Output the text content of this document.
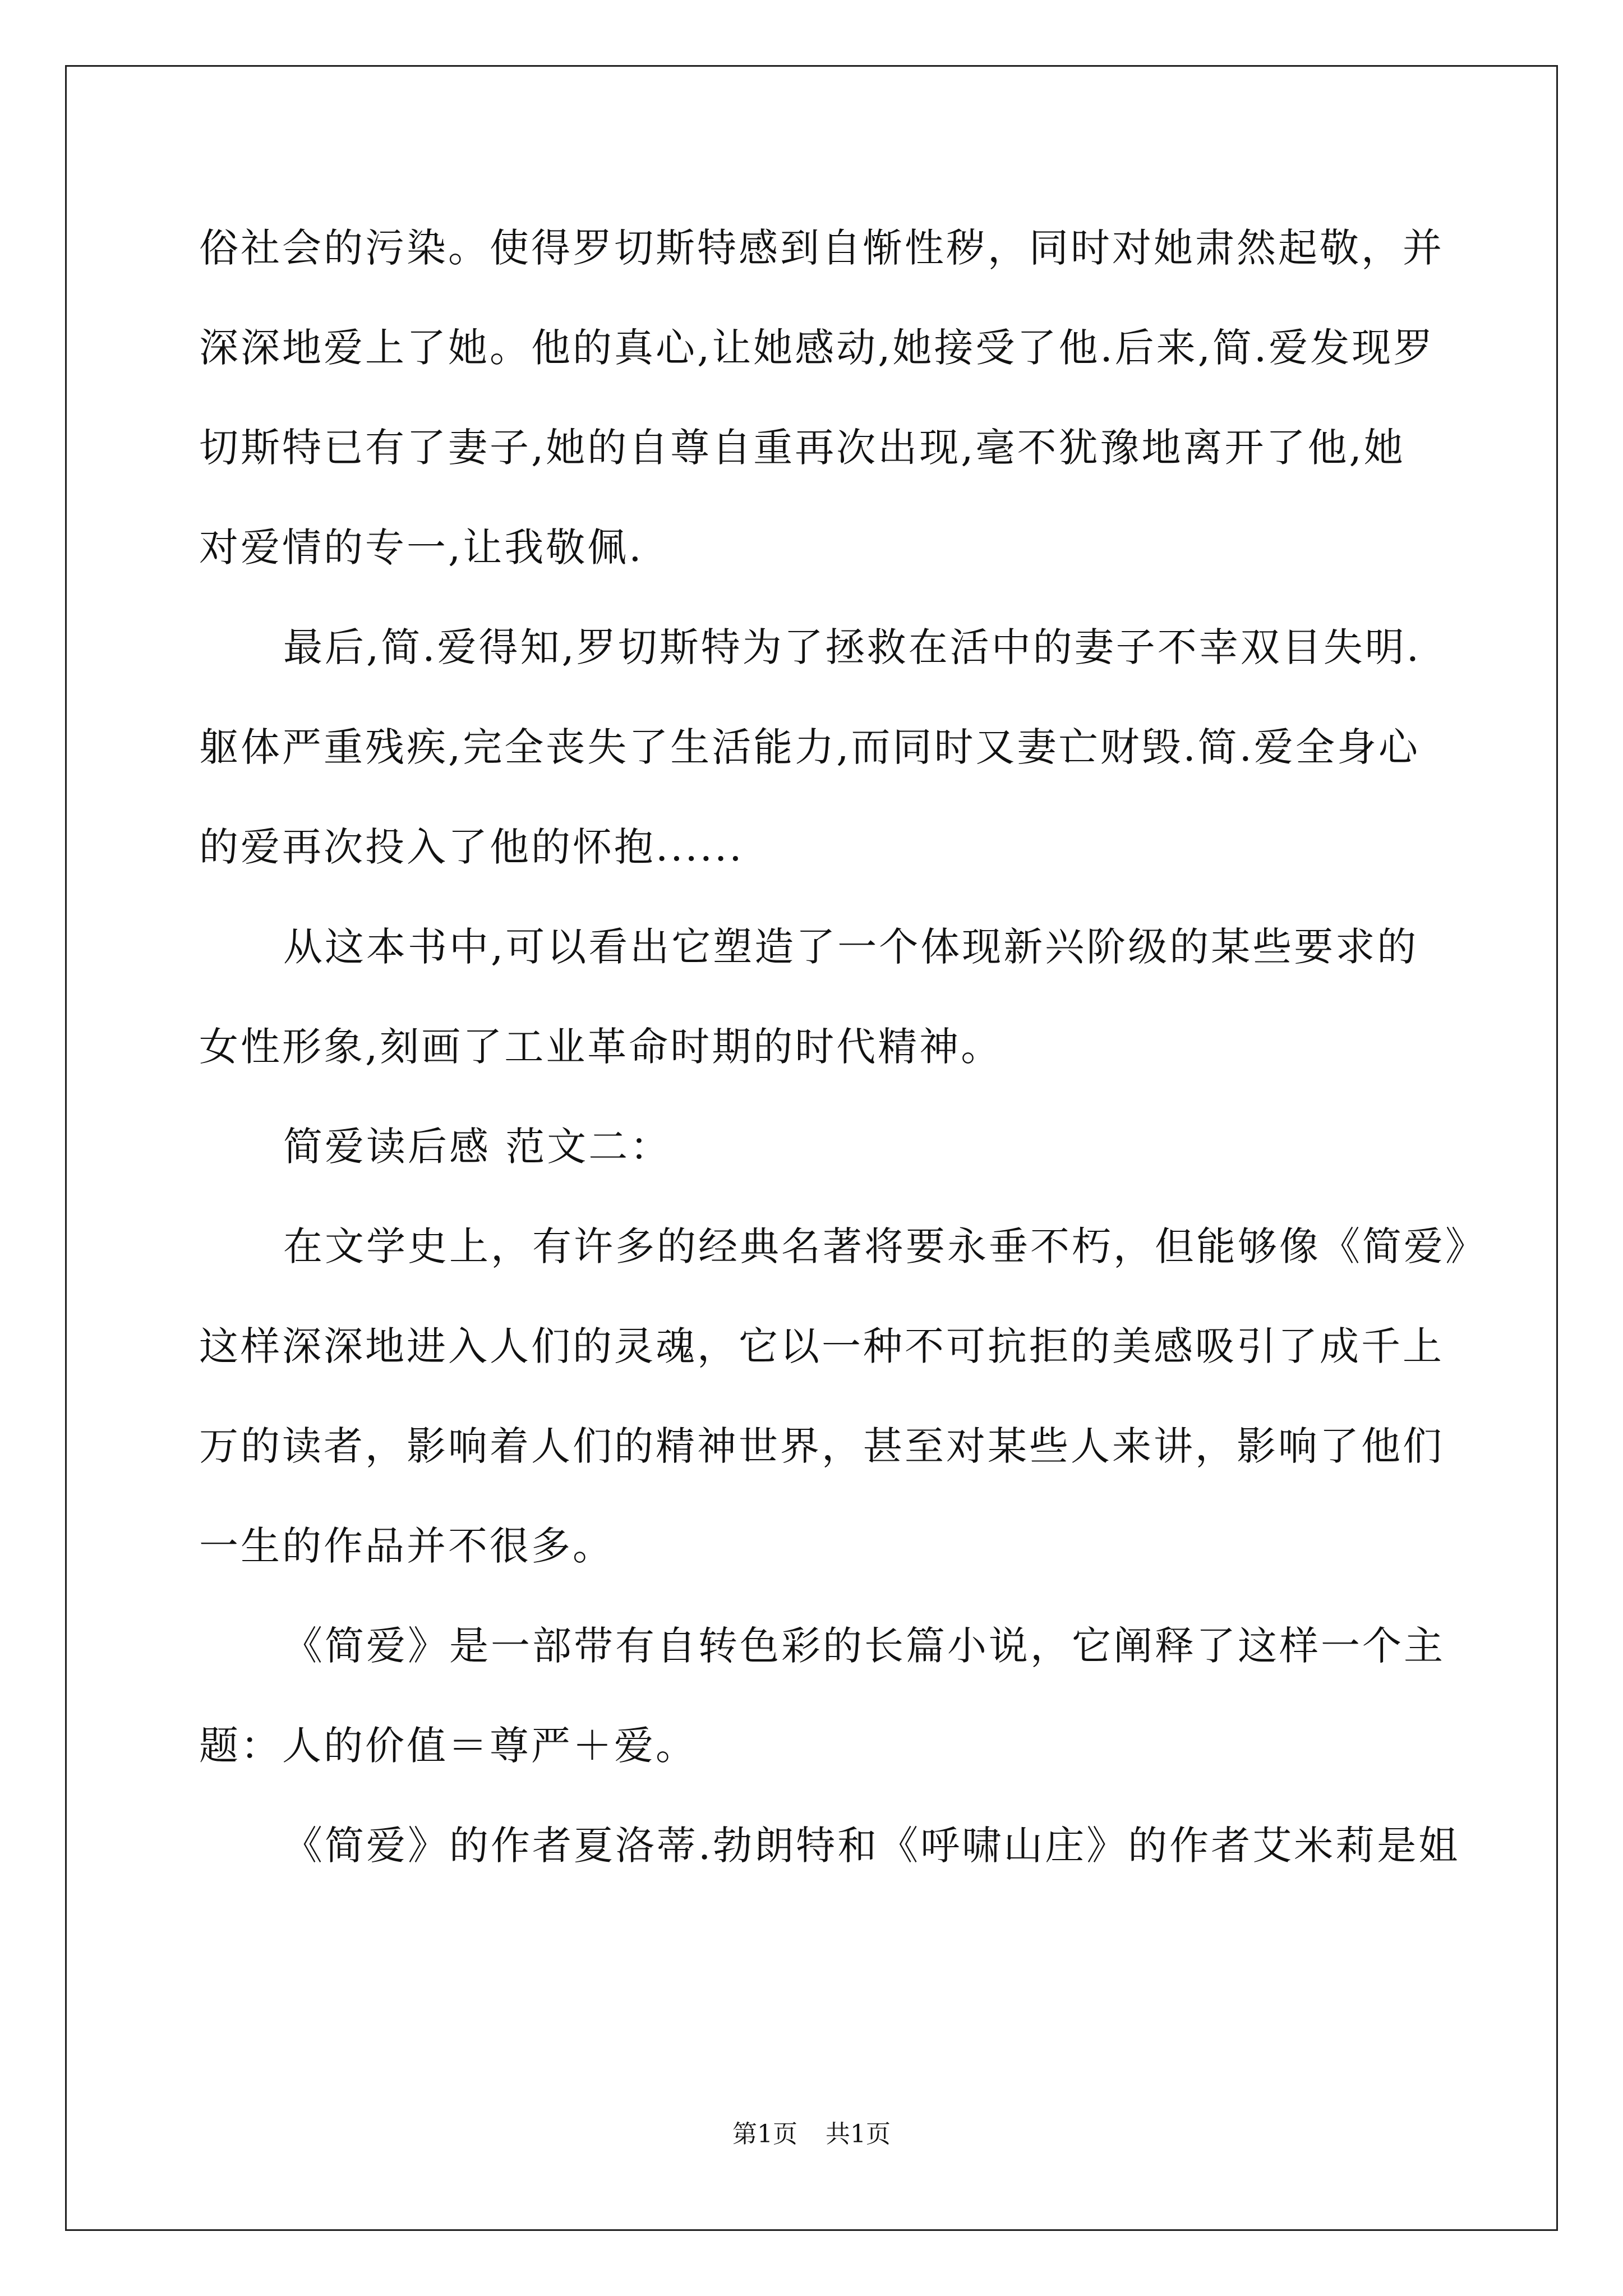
俗社会的污染。使得罗切斯特感到自惭性秽，同时对她肃然起敬，并
深深地爱上了她。他的真心,让她感动,她接受了他.后来,简.爱发现罗
切斯特已有了妻子,她的自尊自重再次出现,毫不犹豫地离开了他,她
对爱情的专一,让我敬佩.
最后,简.爱得知,罗切斯特为了拯救在活中的妻子不幸双目失明.
躯体严重残疾,完全丧失了生活能力,而同时又妻亡财毁.简.爱全身心
的爱再次投入了他的怀抱......
从这本书中,可以看出它塑造了一个体现新兴阶级的某些要求的
女性形象,刻画了工业革命时期的时代精神。
简爱读后感 范文二：
在文学史上，有许多的经典名著将要永垂不朽，但能够像《简爱》
这样深深地进入人们的灵魂，它以一种不可抗拒的美感吸引了成千上
万的读者，影响着人们的精神世界，甚至对某些人来讲，影响了他们
一生的作品并不很多。
《简爱》是一部带有自转色彩的长篇小说，它阐释了这样一个主
题：人的价值＝尊严＋爱。
《简爱》的作者夏洛蒂.勃朗特和《呼啸山庄》的作者艾米莉是姐
第1页 共1页
